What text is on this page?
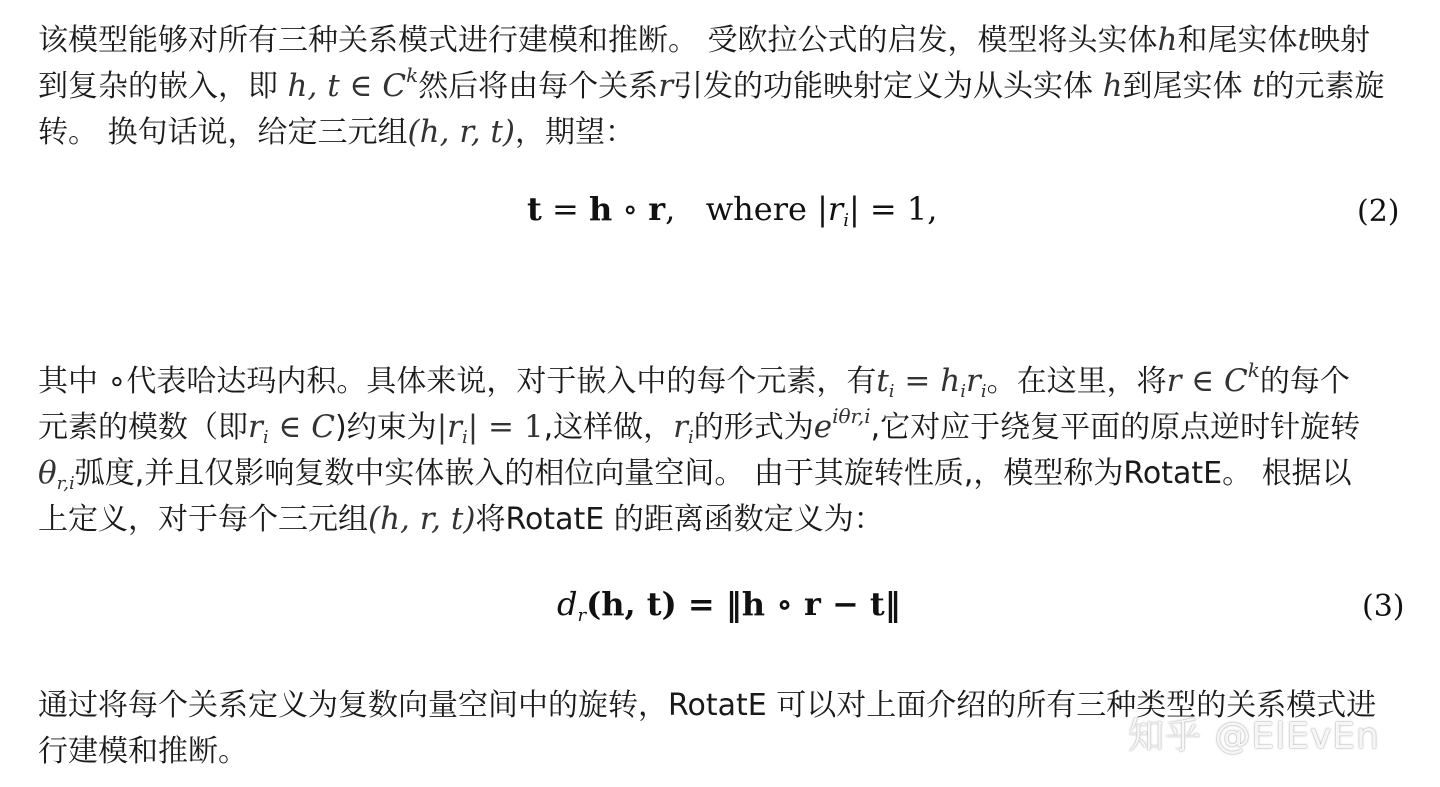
该模型能够对所有三种关系模式进行建模和推断。 受欧拉公式的启发，模型将头实体h和尾实体t映射
到复杂的嵌入，即 h, t ∈ $C^k$然后将由每个关系r引发的功能映射定义为从头实体 h到尾实体 t的元素旋
转。 换句话说，给定三元组(h, r, t)，期望：
t = h ∘ r,   where $|r_i| = 1$,	(2)
其中 ∘代表哈达玛内积。具体来说，对于嵌入中的每个元素，有$t_i = h_ir_i$。在这里，将r ∈ $C^k$的每个
元素的模数（即$r_i$ ∈ C)约束为$|r_i| = 1$,这样做，$r_i$的形式为$e^{i\theta r,i}$,它对应于绕复平面的原点逆时针旋转
$\theta_{r,i}$弧度,并且仅影响复数中实体嵌入的相位向量空间。 由于其旋转性质,，模型称为RotatE。 根据以
上定义，对于每个三元组(h, r, t)将RotatE 的距离函数定义为：
$d_r(h$, t) = ‖h ∘ r − t‖	(3)
通过将每个关系定义为复数向量空间中的旋转，RotatE 可以对上面介绍的所有三种类型的关系模式进
行建模和推断。	知乎 @ElEvEn
